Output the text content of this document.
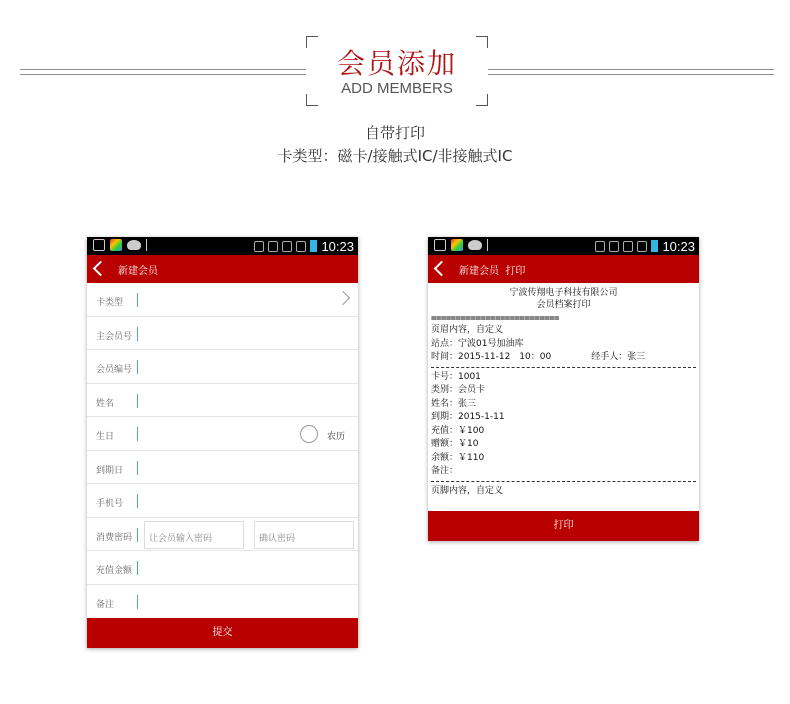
会员添加
ADD MEMBERS
自带打印
卡类型：磁卡/接触式IC/非接触式IC
10:23
新建会员
卡类型
主会员号
会员编号
姓名
生日	农历
到期日
手机号
消费密码	让会员输入密码	确认密码
充值金额
备注
提交
10:23
新建会员  打印
宁波传翔电子科技有限公司
会员档案打印
==========================
页眉内容，自定义
站点：宁波01号加油库
时间：2015-11-12　10：00	经手人：张三
卡号：1001
类别：会员卡
姓名：张三
到期：2015-1-11
充值：￥100
赠额：￥10
余额：￥110
备注：
页脚内容，自定义
打印
